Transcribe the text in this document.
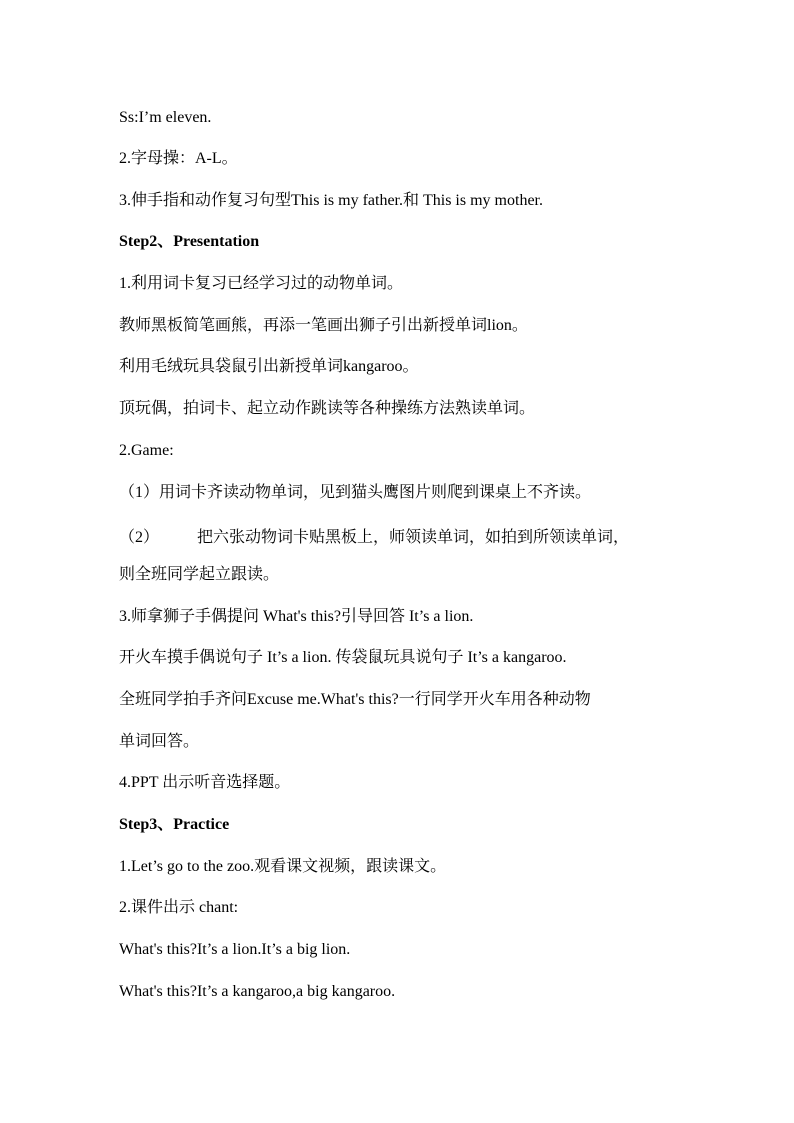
Ss:I’m eleven.
2.字母操：A-L。
3.伸手指和动作复习句型This is my father.和 This is my mother.
Step2、Presentation
1.利用词卡复习已经学习过的动物单词。
教师黑板简笔画熊，再添一笔画出狮子引出新授单词lion。
利用毛绒玩具袋鼠引出新授单词kangaroo。
顶玩偶，拍词卡、起立动作跳读等各种操练方法熟读单词。
2.Game:
（1）用词卡齐读动物单词，见到猫头鹰图片则爬到课桌上不齐读。
（2） 把六张动物词卡贴黑板上，师领读单词，如拍到所领读单词，
则全班同学起立跟读。
3.师拿狮子手偶提问 What's this?引导回答 It’s a lion.
开火车摸手偶说句子 It’s a lion. 传袋鼠玩具说句子 It’s a kangaroo.
全班同学拍手齐问Excuse me.What's this?一行同学开火车用各种动物
单词回答。
4.PPT 出示听音选择题。
Step3、Practice
1.Let’s go to the zoo.观看课文视频，跟读课文。
2.课件出示 chant:
What's this?It’s a lion.It’s a big lion.
What's this?It’s a kangaroo,a big kangaroo.
